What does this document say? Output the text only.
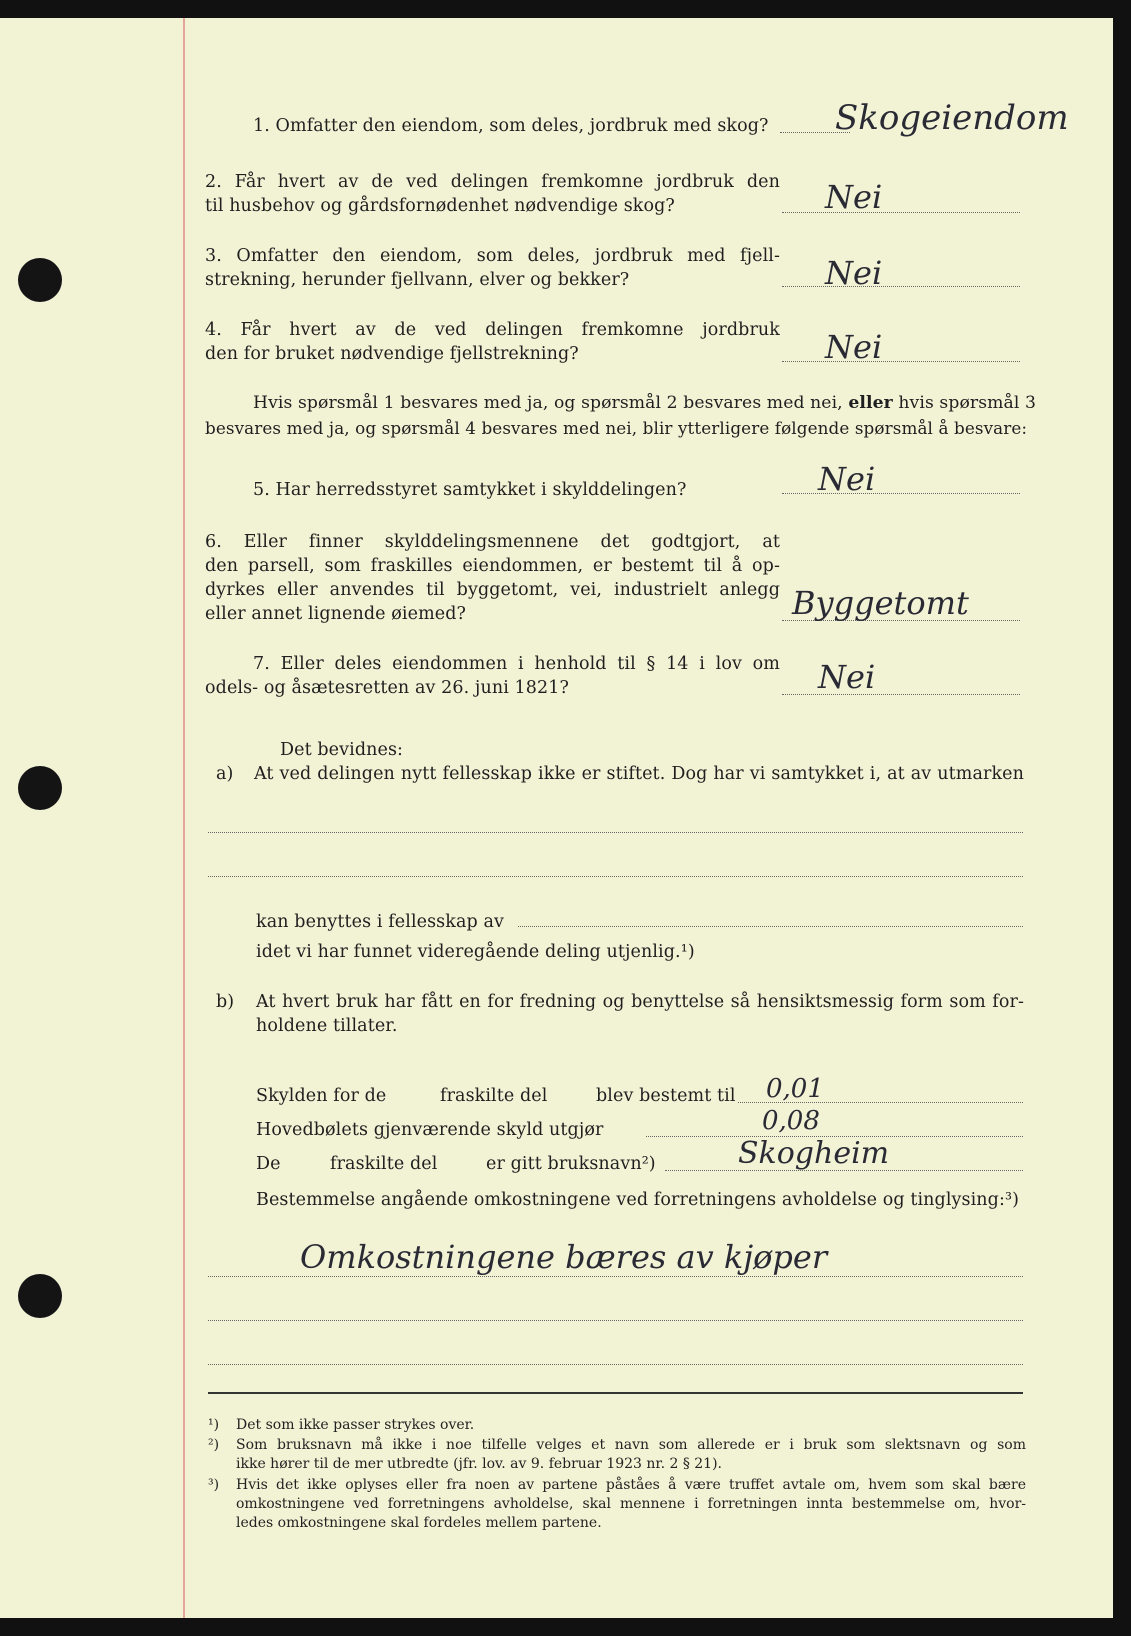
1. Omfatter den eiendom, som deles, jordbruk med skog? Skogeiendom
2. Får hvert av de ved delingen fremkomne jordbruk den
til husbehov og gårdsfornødenhet nødvendige skog?	Nei
3. Omfatter den eiendom, som deles, jordbruk med fjell-
strekning, herunder fjellvann, elver og bekker?	Nei
4. Får hvert av de ved delingen fremkomne jordbruk
den for bruket nødvendige fjellstrekning?	Nei
Hvis spørsmål 1 besvares med ja, og spørsmål 2 besvares med nei, eller hvis spørsmål 3
besvares med ja, og spørsmål 4 besvares med nei, blir ytterligere følgende spørsmål å besvare:
5. Har herredsstyret samtykket i skylddelingen?	Nei
6. Eller finner skylddelingsmennene det godtgjort, at
den parsell, som fraskilles eiendommen, er bestemt til å op-
dyrkes eller anvendes til byggetomt, vei, industrielt anlegg
eller annet lignende øiemed?	Byggetomt
7. Eller deles eiendommen i henhold til § 14 i lov om
odels- og åsætesretten av 26. juni 1821?	Nei
Det bevidnes:
a) At ved delingen nytt fellesskap ikke er stiftet. Dog har vi samtykket i, at av utmarken
kan benyttes i fellesskap av
idet vi har funnet videregående deling utjenlig.¹)
b) At hvert bruk har fått en for fredning og benyttelse så hensiktsmessig form som for-
holdene tillater.
Skylden for de	fraskilte del	blev bestemt til 0,01
Hovedbølets gjenværende skyld utgjør	0,08
De	fraskilte del	er gitt bruksnavn²)	Skogheim
Bestemmelse angående omkostningene ved forretningens avholdelse og tinglysing:³)
Omkostningene bæres av kjøper
¹) Det som ikke passer strykes over.
²) Som bruksnavn må ikke i noe tilfelle velges et navn som allerede er i bruk som slektsnavn og som
ikke hører til de mer utbredte (jfr. lov. av 9. februar 1923 nr. 2 § 21).
³) Hvis det ikke oplyses eller fra noen av partene påståes å være truffet avtale om, hvem som skal bære
omkostningene ved forretningens avholdelse, skal mennene i forretningen innta bestemmelse om, hvor-
ledes omkostningene skal fordeles mellem partene.
